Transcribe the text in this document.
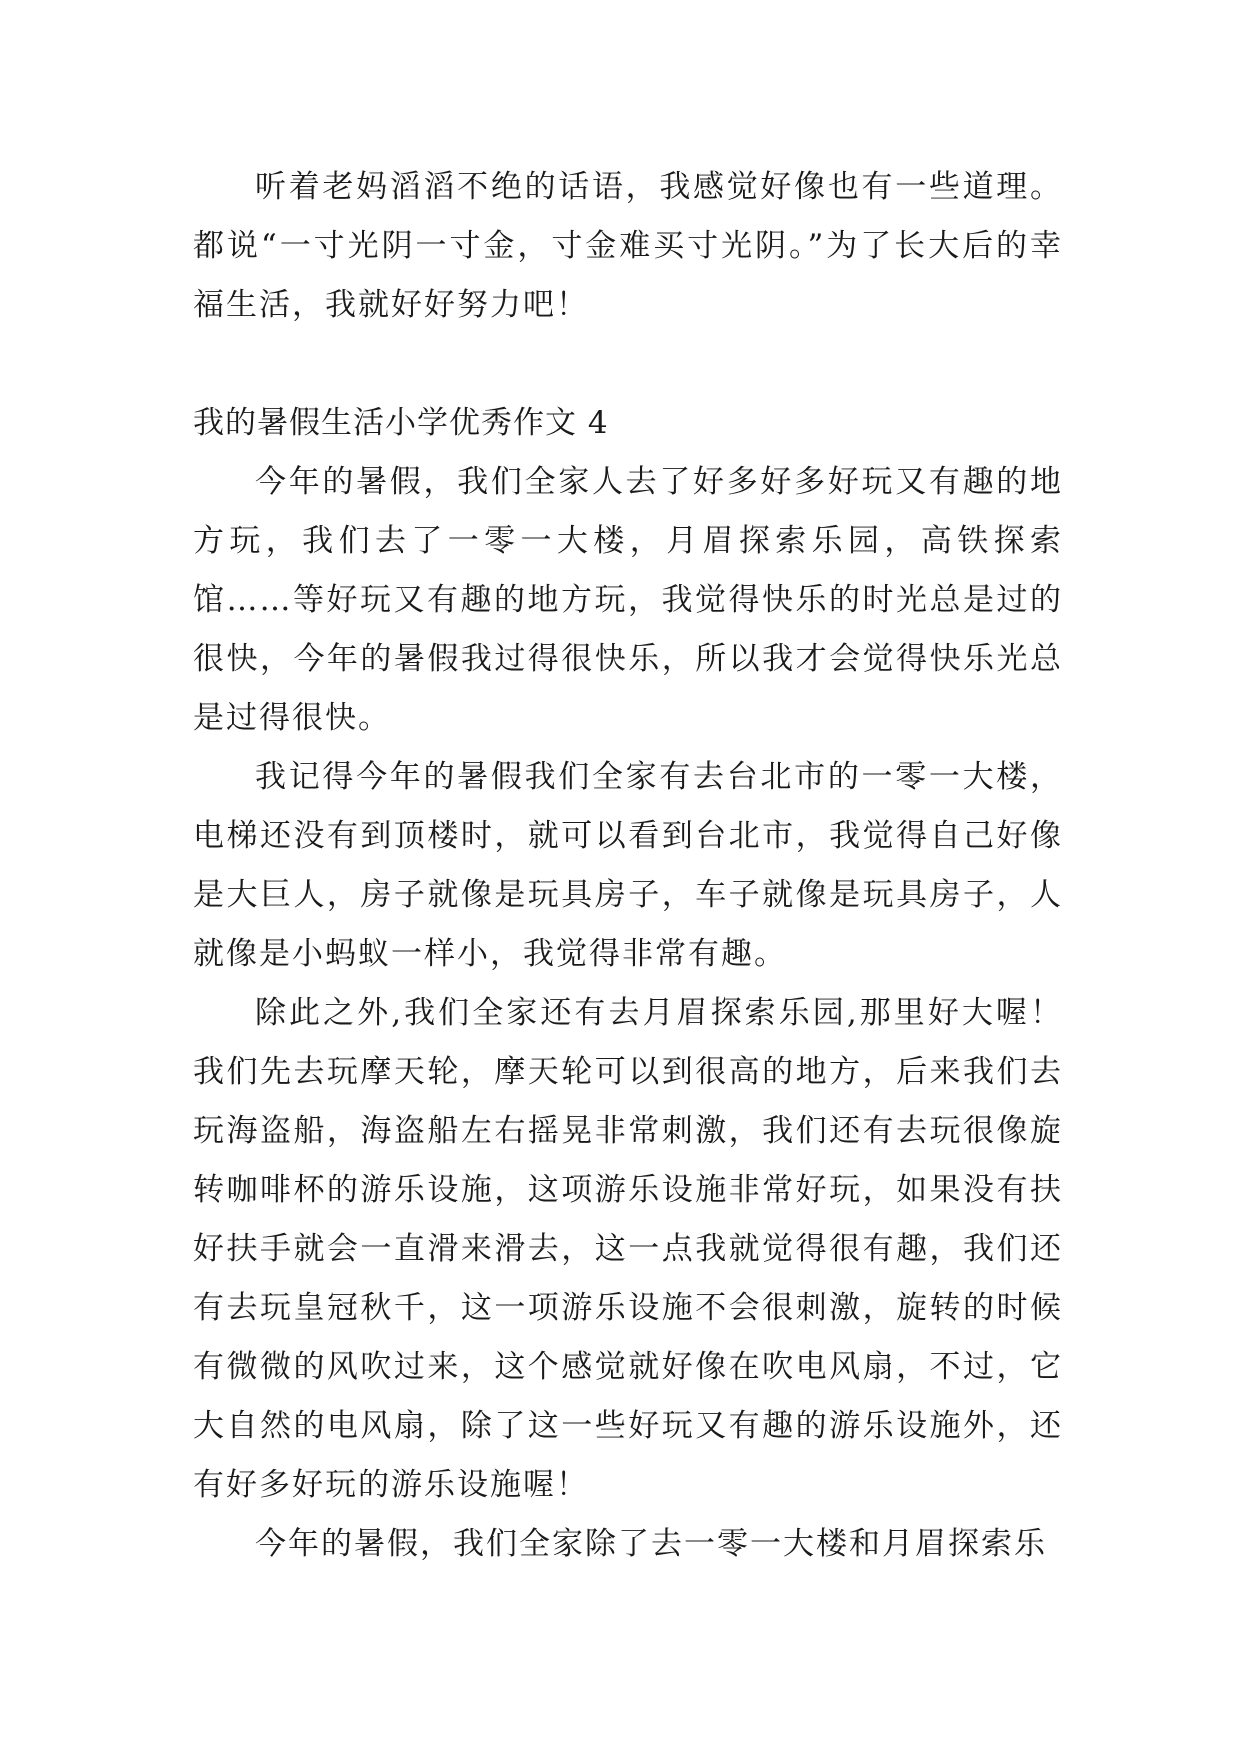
听着老妈滔滔不绝的话语，我感觉好像也有一些道理。都说“一寸光阴一寸金，寸金难买寸光阴。”为了长大后的幸福生活，我就好好努力吧！

我的暑假生活小学优秀作文 4

今年的暑假，我们全家人去了好多好多好玩又有趣的地方玩，我们去了一零一大楼，月眉探索乐园，高铁探索馆……等好玩又有趣的地方玩，我觉得快乐的时光总是过的很快，今年的暑假我过得很快乐，所以我才会觉得快乐光总是过得很快。

我记得今年的暑假我们全家有去台北市的一零一大楼，电梯还没有到顶楼时，就可以看到台北市，我觉得自己好像是大巨人，房子就像是玩具房子，车子就像是玩具房子，人就像是小蚂蚁一样小，我觉得非常有趣。

除此之外,我们全家还有去月眉探索乐园,那里好大喔！我们先去玩摩天轮，摩天轮可以到很高的地方，后来我们去玩海盗船，海盗船左右摇晃非常刺激，我们还有去玩很像旋转咖啡杯的游乐设施，这项游乐设施非常好玩，如果没有扶好扶手就会一直滑来滑去，这一点我就觉得很有趣，我们还有去玩皇冠秋千，这一项游乐设施不会很刺激，旋转的时候有微微的风吹过来，这个感觉就好像在吹电风扇，不过，它大自然的电风扇，除了这一些好玩又有趣的游乐设施外，还有好多好玩的游乐设施喔！

今年的暑假，我们全家除了去一零一大楼和月眉探索乐
